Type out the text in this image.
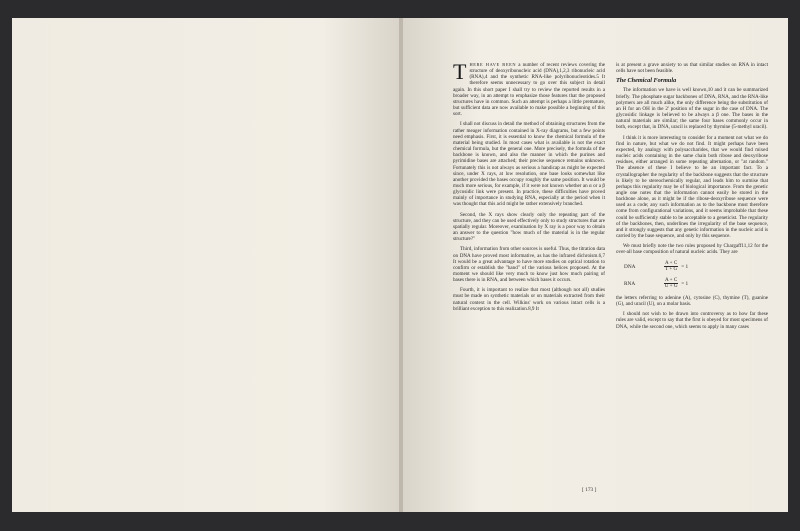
THERE HAVE BEEN a number of recent reviews covering the structure of deoxyribonucleic acid (DNA),1,2,3 ribonucleic acid (RNA),4 and the synthetic RNA-like polyribonucleotides.5 It therefore seems unnecessary to go over this subject in detail again. In this short paper I shall try to review the reported results in a broader way, in an attempt to emphasize those features that the proposed structures have in common. Such an attempt is perhaps a little premature, but sufficient data are now available to make possible a beginning of this sort.

I shall not discuss in detail the method of obtaining structures from the rather meager information contained in X-ray diagrams, but a few points need emphasis. First, it is essential to know the chemical formula of the material being studied. In most cases what is available is not the exact chemical formula, but the general one. More precisely, the formula of the backbone is known, and also the manner in which the purines and pyrimidine bases are attached; their precise sequence remains unknown. Fortunately this is not always as serious a handicap as might be expected since, under X rays, at low resolution, one base looks somewhat like another provided the bases occupy roughly the same position. It would be much more serious, for example, if it were not known whether an α or a β glycosidic link were present. In practice, these difficulties have proved mainly of importance in studying RNA, especially at the period when it was thought that this acid might be rather extensively branched.

Second, the X rays show clearly only the repeating part of the structure, and they can be used effectively only to study structures that are spatially regular. Moreover, examination by X ray is a poor way to obtain an answer to the question "how much of the material is in the regular structure?"

Third, information from other sources is useful. Thus, the titration data on DNA have proved most informative, as has the infrared dichroism.6,7 It would be a great advantage to have more studies on optical rotation to confirm or establish the "hand" of the various helices proposed. At the moment we should like very much to know just how much pairing of bases there is in RNA, and between which bases it occurs.

Fourth, it is important to realize that most (although not all) studies must be made on synthetic materials or on materials extracted from their natural context in the cell. Wilkins' work on various intact cells is a brilliant exception to this realization.8,9 It

is at present a grave anxiety to us that similar studies on RNA in intact cells have not been feasible.

The Chemical Formula

The information we have is well known,10 and it can be summarized briefly. The phosphate sugar backbones of DNA, RNA, and the RNA-like polymers are all much alike, the only difference being the substitution of an H for an OH in the 2' position of the sugar in the case of DNA. The glycosidic linkage is believed to be always a β one. The bases in the natural materials are similar; the same four bases commonly occur in both, except that, in DNA, uracil is replaced by thymine (5-methyl uracil).

I think it is more interesting to consider for a moment not what we do find in nature, but what we do not find. It might perhaps have been expected, by analogy with polysaccharides, that we would find mixed nucleic acids containing in the same chain both ribose and deoxyribose residues, either arranged in some repeating alternation, or "at random." The absence of these I believe to be an important fact. To a crystallographer the regularity of the backbone suggests that the structure is likely to be stereochemically regular, and leads him to surmise that perhaps this regularity may be of biological importance. From the genetic angle one notes that the information cannot easily be stored in the backbone alone, as it might be if the ribose-deoxyribose sequence were used as a code; any such information as to the backbone must therefore come from configurational variations, and it seems improbable that these could be sufficiently stable to be acceptable to a geneticist. The regularity of the backbones, then, underlines the irregularity of the base sequence, and it strongly suggests that any genetic information in the nucleic acid is carried by the base sequence, and only by this sequence.

We must briefly note the two rules proposed by Chargaff11,12 for the over-all base composition of natural nucleic acids. They are

DNA	$\frac{A + C}{T + G} = 1$
RNA	$\frac{A + C}{U + G} = 1$

the letters referring to adenine (A), cytosine (C), thymine (T), guanine (G), and uracil (U), on a molar basis.

I should not wish to be drawn into controversy as to how far these rules are valid, except to say that the first is obeyed for most specimens of DNA, while the second one, which seems to apply in many cases

[ 173 ]
